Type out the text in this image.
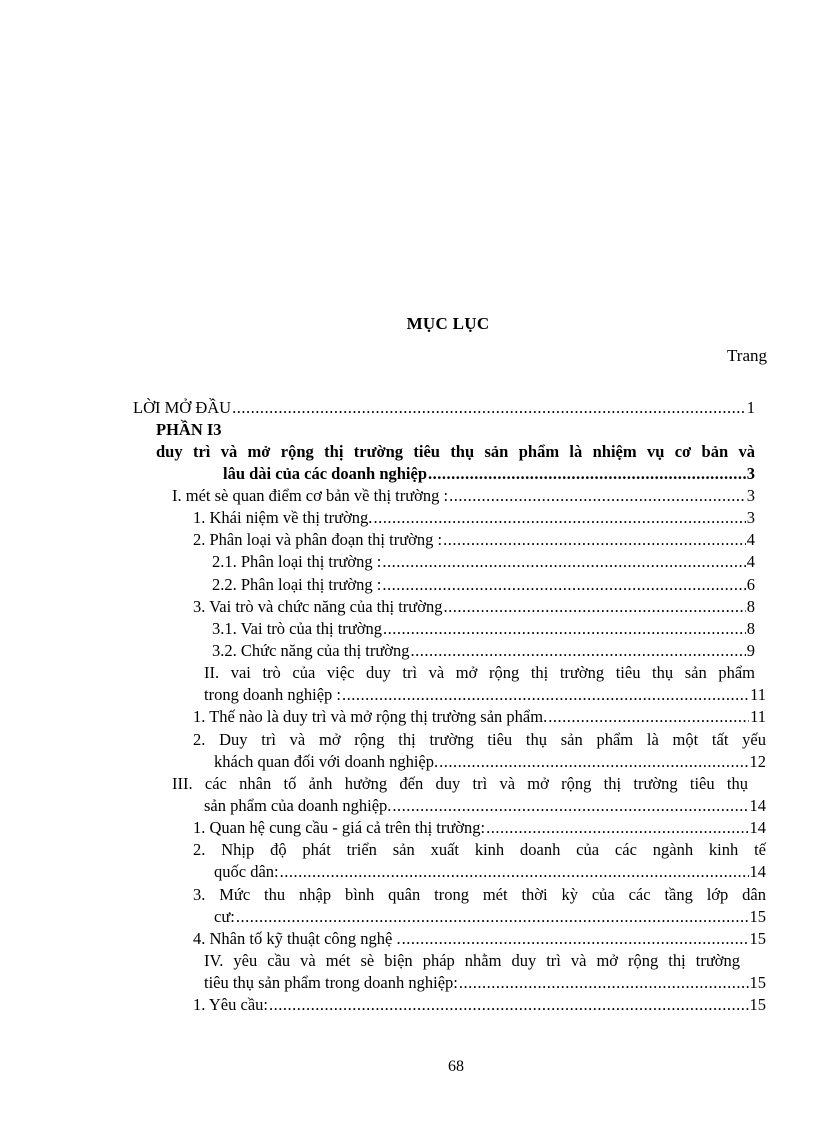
MỤC LỤC
Trang
LỜI MỞ ĐẦU .....	1
PHẦN I3
duy trì và mở rộng thị trường tiêu thụ sản phẩm là nhiệm vụ cơ bản và
lâu dài của các doanh nghiệp .....	3
I. mét sè quan điểm cơ bản về thị trường : .....	3
1. Khái niệm về thị trường. .....	3
2. Phân loại và phân đoạn thị trường : .....	4
2.1. Phân loại thị trường : .....	4
2.2. Phân loại thị trường : .....	6
3. Vai trò và chức năng của thị trường .....	8
3.1. Vai trò của thị trường .....	8
3.2. Chức năng của thị trường .....	9
II. vai trò của việc duy trì và mở rộng thị trường tiêu thụ sản phẩm
trong doanh nghiệp : .....	11
1. Thế nào là duy trì và mở rộng thị trường sản phẩm. .....	11
2. Duy trì và mở rộng thị trường tiêu thụ sản phẩm là một tất yếu
khách quan đối với doanh nghiệp. .....	12
III. các nhân tố ảnh hưởng đến duy trì và mở rộng thị trường tiêu thụ
sản phẩm của doanh nghiệp. .....	14
1. Quan hệ cung cầu - giá cả trên thị trường: .....	14
2. Nhịp độ phát triển sản xuất kinh doanh của các ngành kinh tế
quốc dân: .....	14
3. Mức thu nhập bình quân trong mét thời kỳ của các tầng lớp dân
cư: .....	15
4. Nhân tố kỹ thuật công nghệ . .....	15
IV. yêu cầu và mét sè biện pháp nhằm duy trì và mở rộng thị trường
tiêu thụ sản phẩm trong doanh nghiệp: .....	15
1. Yêu cầu: .....	15
68
